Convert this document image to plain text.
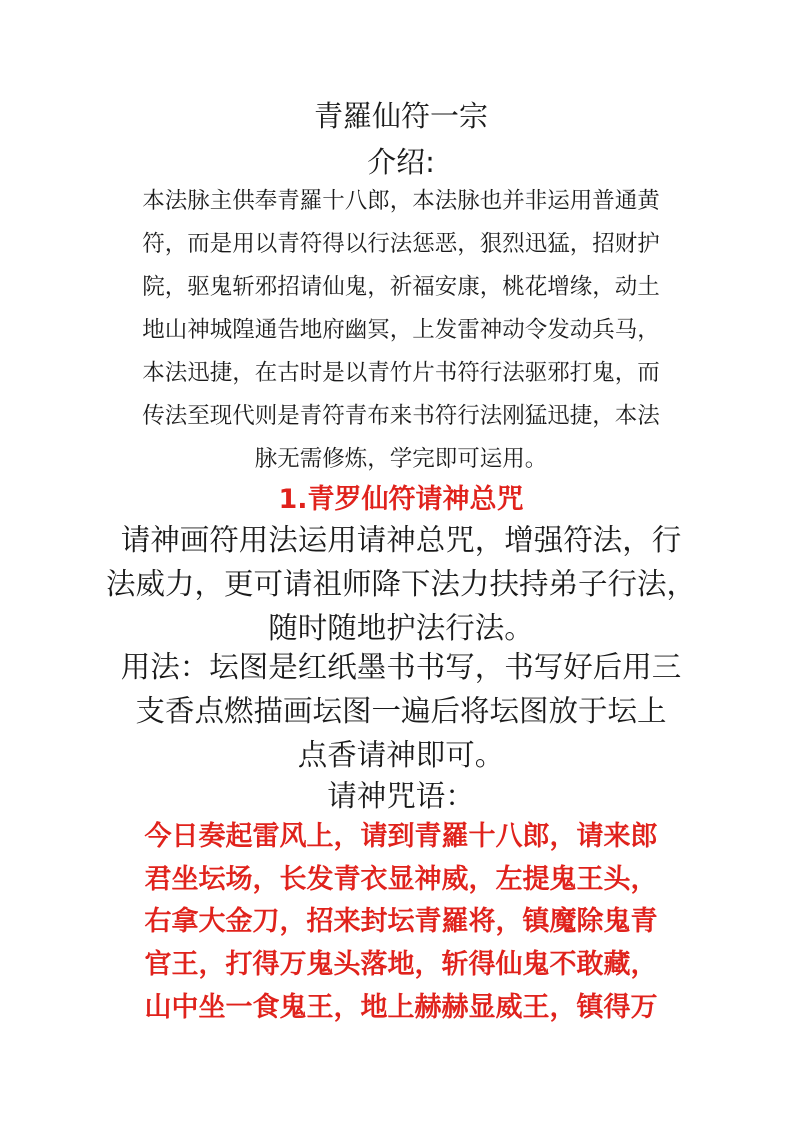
青羅仙符一宗
介绍:
本法脉主供奉青羅十八郎，本法脉也并非运用普通黄
符，而是用以青符得以行法惩恶，狠烈迅猛，招财护
院，驱鬼斩邪招请仙鬼，祈福安康，桃花增缘，动土
地山神城隍通告地府幽冥，上发雷神动令发动兵马，
本法迅捷，在古时是以青竹片书符行法驱邪打鬼，而
传法至现代则是青符青布来书符行法刚猛迅捷，本法
脉无需修炼，学完即可运用。
1.青罗仙符请神总咒
请神画符用法运用请神总咒，增强符法，行
法威力，更可请祖师降下法力扶持弟子行法，
随时随地护法行法。
用法：坛图是红纸墨书书写，书写好后用三
支香点燃描画坛图一遍后将坛图放于坛上
点香请神即可。
请神咒语：
今日奏起雷风上，请到青羅十八郎，请来郎
君坐坛场，长发青衣显神威，左提鬼王头，
右拿大金刀，招来封坛青羅将，镇魔除鬼青
官王，打得万鬼头落地，斩得仙鬼不敢藏，
山中坐一食鬼王，地上赫赫显威王，镇得万
